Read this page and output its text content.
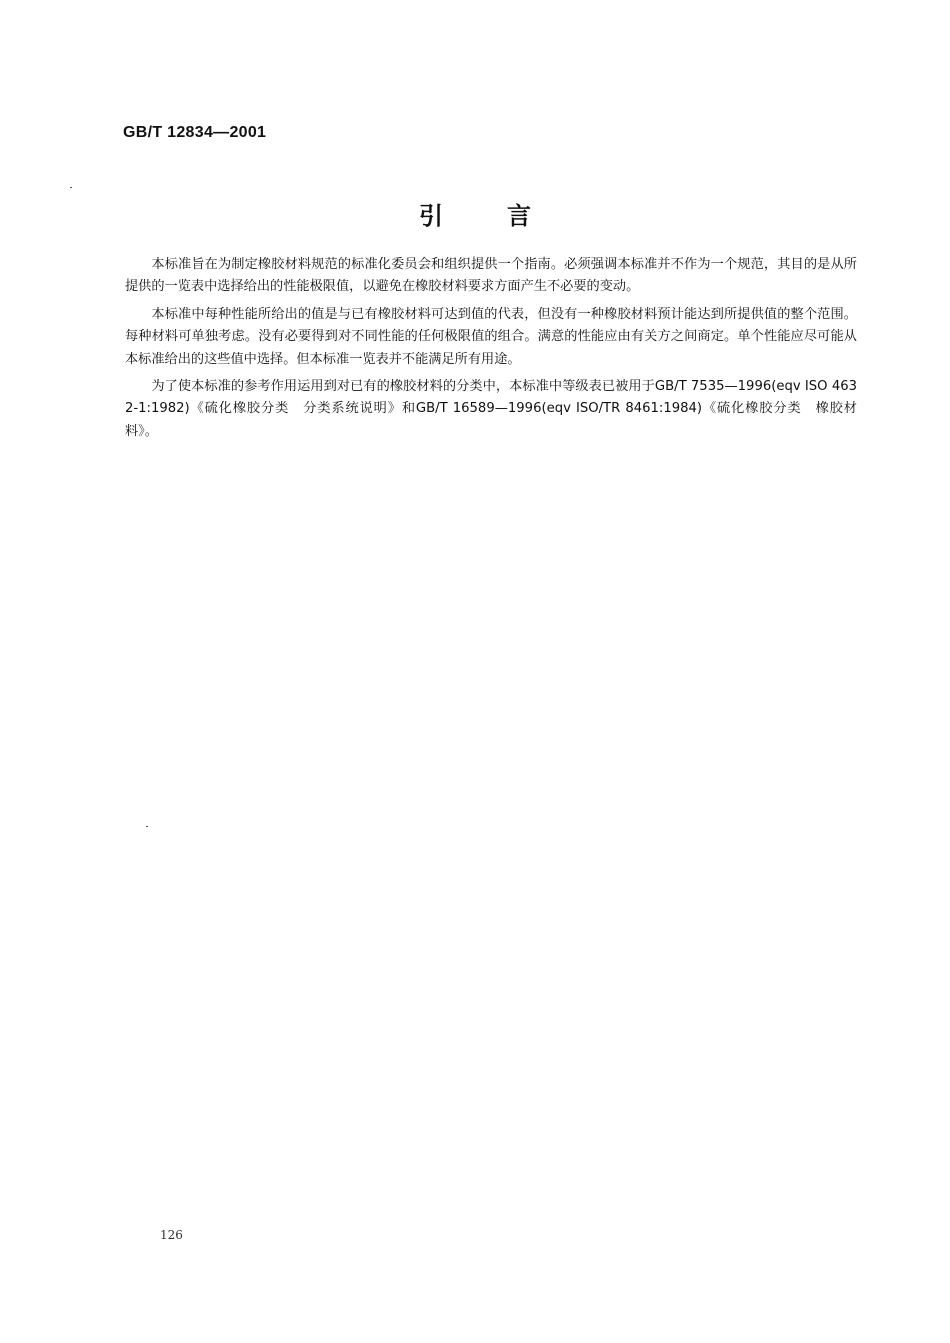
GB/T 12834—2001
引言

本标准旨在为制定橡胶材料规范的标准化委员会和组织提供一个指南。必须强调本标准并不作为一个规范，其目的是从所提供的一览表中选择给出的性能极限值，以避免在橡胶材料要求方面产生不必要的变动。

本标准中每种性能所给出的值是与已有橡胶材料可达到值的代表，但没有一种橡胶材料预计能达到所提供值的整个范围。每种材料可单独考虑。没有必要得到对不同性能的任何极限值的组合。满意的性能应由有关方之间商定。单个性能应尽可能从本标准给出的这些值中选择。但本标准一览表并不能满足所有用途。

为了使本标准的参考作用运用到对已有的橡胶材料的分类中，本标准中等级表已被用于GB/T 7535—1996(eqv ISO 4632-1:1982)《硫化橡胶分类　分类系统说明》和GB/T 16589—1996(eqv ISO/TR 8461:1984)《硫化橡胶分类　橡胶材料》。

126
